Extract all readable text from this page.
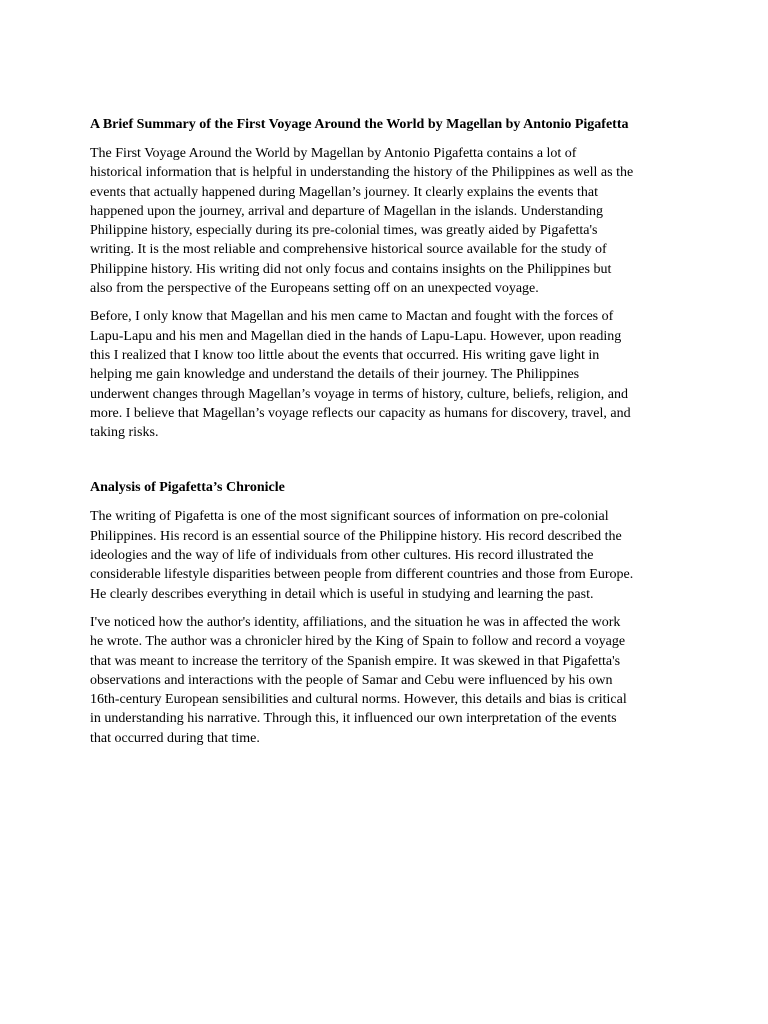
A Brief Summary of the First Voyage Around the World by Magellan by Antonio Pigafetta
The First Voyage Around the World by Magellan by Antonio Pigafetta contains a lot of
historical information that is helpful in understanding the history of the Philippines as well as the
events that actually happened during Magellan’s journey. It clearly explains the events that
happened upon the journey, arrival and departure of Magellan in the islands. Understanding
Philippine history, especially during its pre-colonial times, was greatly aided by Pigafetta's
writing. It is the most reliable and comprehensive historical source available for the study of
Philippine history. His writing did not only focus and contains insights on the Philippines but
also from the perspective of the Europeans setting off on an unexpected voyage.
Before, I only know that Magellan and his men came to Mactan and fought with the forces of
Lapu-Lapu and his men and Magellan died in the hands of Lapu-Lapu. However, upon reading
this I realized that I know too little about the events that occurred. His writing gave light in
helping me gain knowledge and understand the details of their journey. The Philippines
underwent changes through Magellan’s voyage in terms of history, culture, beliefs, religion, and
more. I believe that Magellan’s voyage reflects our capacity as humans for discovery, travel, and
taking risks.
Analysis of Pigafetta’s Chronicle
The writing of Pigafetta is one of the most significant sources of information on pre-colonial
Philippines. His record is an essential source of the Philippine history. His record described the
ideologies and the way of life of individuals from other cultures. His record illustrated the
considerable lifestyle disparities between people from different countries and those from Europe.
He clearly describes everything in detail which is useful in studying and learning the past.
I've noticed how the author's identity, affiliations, and the situation he was in affected the work
he wrote. The author was a chronicler hired by the King of Spain to follow and record a voyage
that was meant to increase the territory of the Spanish empire. It was skewed in that Pigafetta's
observations and interactions with the people of Samar and Cebu were influenced by his own
16th-century European sensibilities and cultural norms. However, this details and bias is critical
in understanding his narrative. Through this, it influenced our own interpretation of the events
that occurred during that time.
